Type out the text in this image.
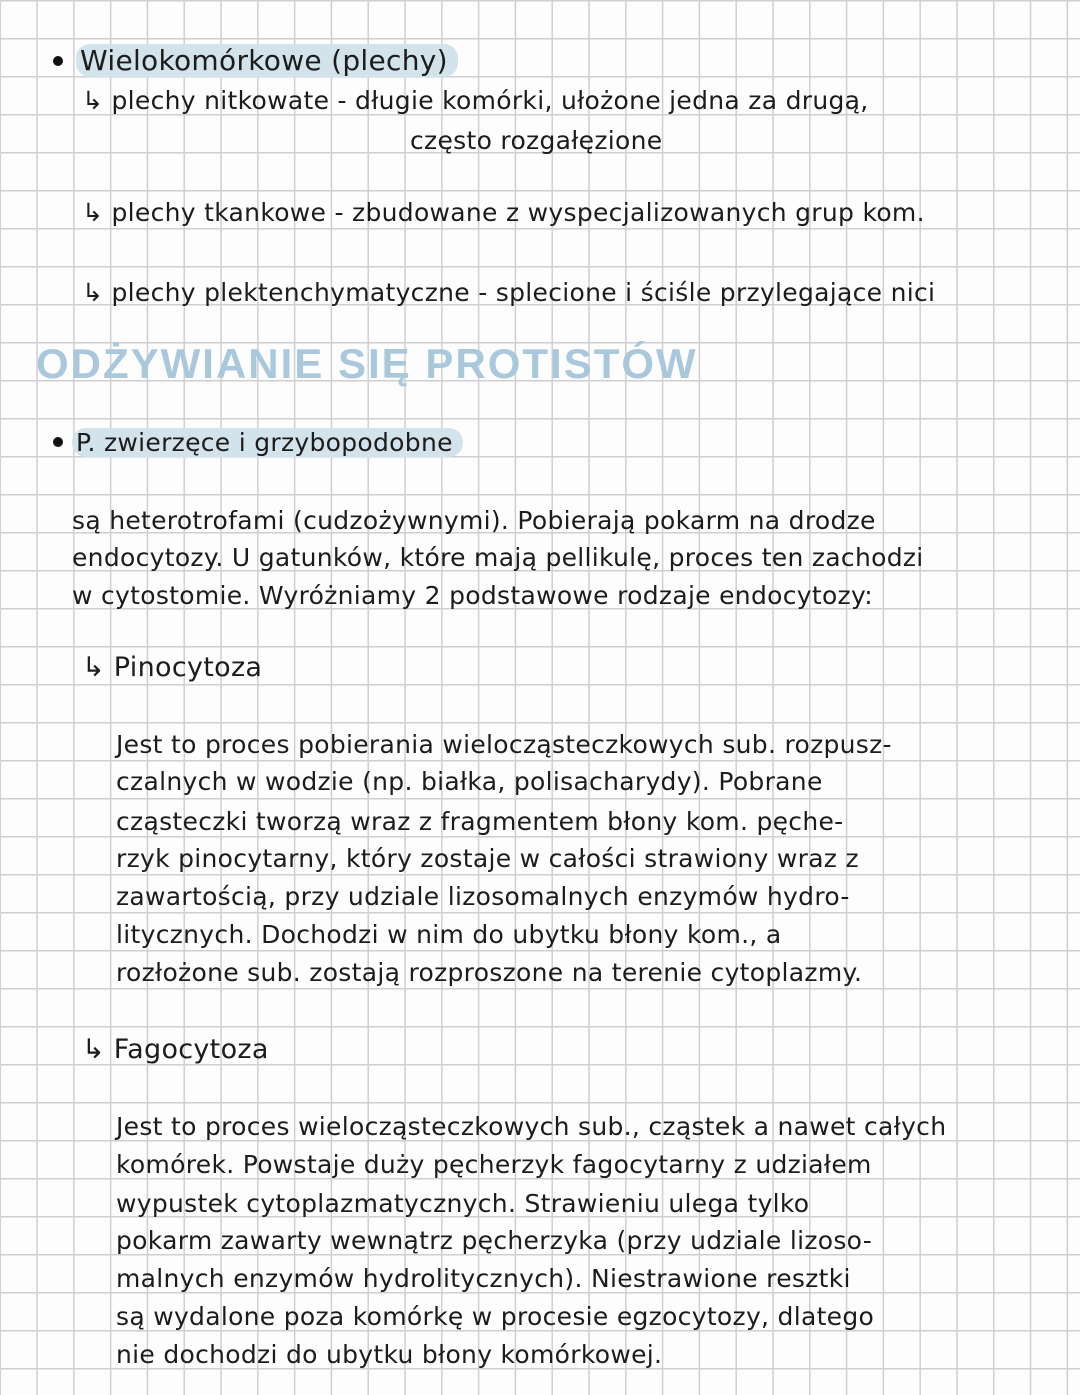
Wielokomórkowe (plechy)
↳ plechy nitkowate - długie komórki, ułożone jedna za drugą,
często rozgałęzione
↳ plechy tkankowe - zbudowane z wyspecjalizowanych grup kom.
↳ plechy plektenchymatyczne - splecione i ściśle przylegające nici
ODŻYWIANIE SIĘ PROTISTÓW
P. zwierzęce i grzybopodobne
są heterotrofami (cudzożywnymi). Pobierają pokarm na drodze
endocytozy. U gatunków, które mają pellikulę, proces ten zachodzi
w cytostomie. Wyróżniamy 2 podstawowe rodzaje endocytozy:
↳ Pinocytoza
Jest to proces pobierania wielocząsteczkowych sub. rozpusz-
czalnych w wodzie (np. białka, polisacharydy). Pobrane
cząsteczki tworzą wraz z fragmentem błony kom. pęche-
rzyk pinocytarny, który zostaje w całości strawiony wraz z
zawartością, przy udziale lizosomalnych enzymów hydro-
litycznych. Dochodzi w nim do ubytku błony kom., a
rozłożone sub. zostają rozproszone na terenie cytoplazmy.
↳ Fagocytoza
Jest to proces wielocząsteczkowych sub., cząstek a nawet całych
komórek. Powstaje duży pęcherzyk fagocytarny z udziałem
wypustek cytoplazmatycznych. Strawieniu ulega tylko
pokarm zawarty wewnątrz pęcherzyka (przy udziale lizoso-
malnych enzymów hydrolitycznych). Niestrawione resztki
są wydalone poza komórkę w procesie egzocytozy, dlatego
nie dochodzi do ubytku błony komórkowej.
